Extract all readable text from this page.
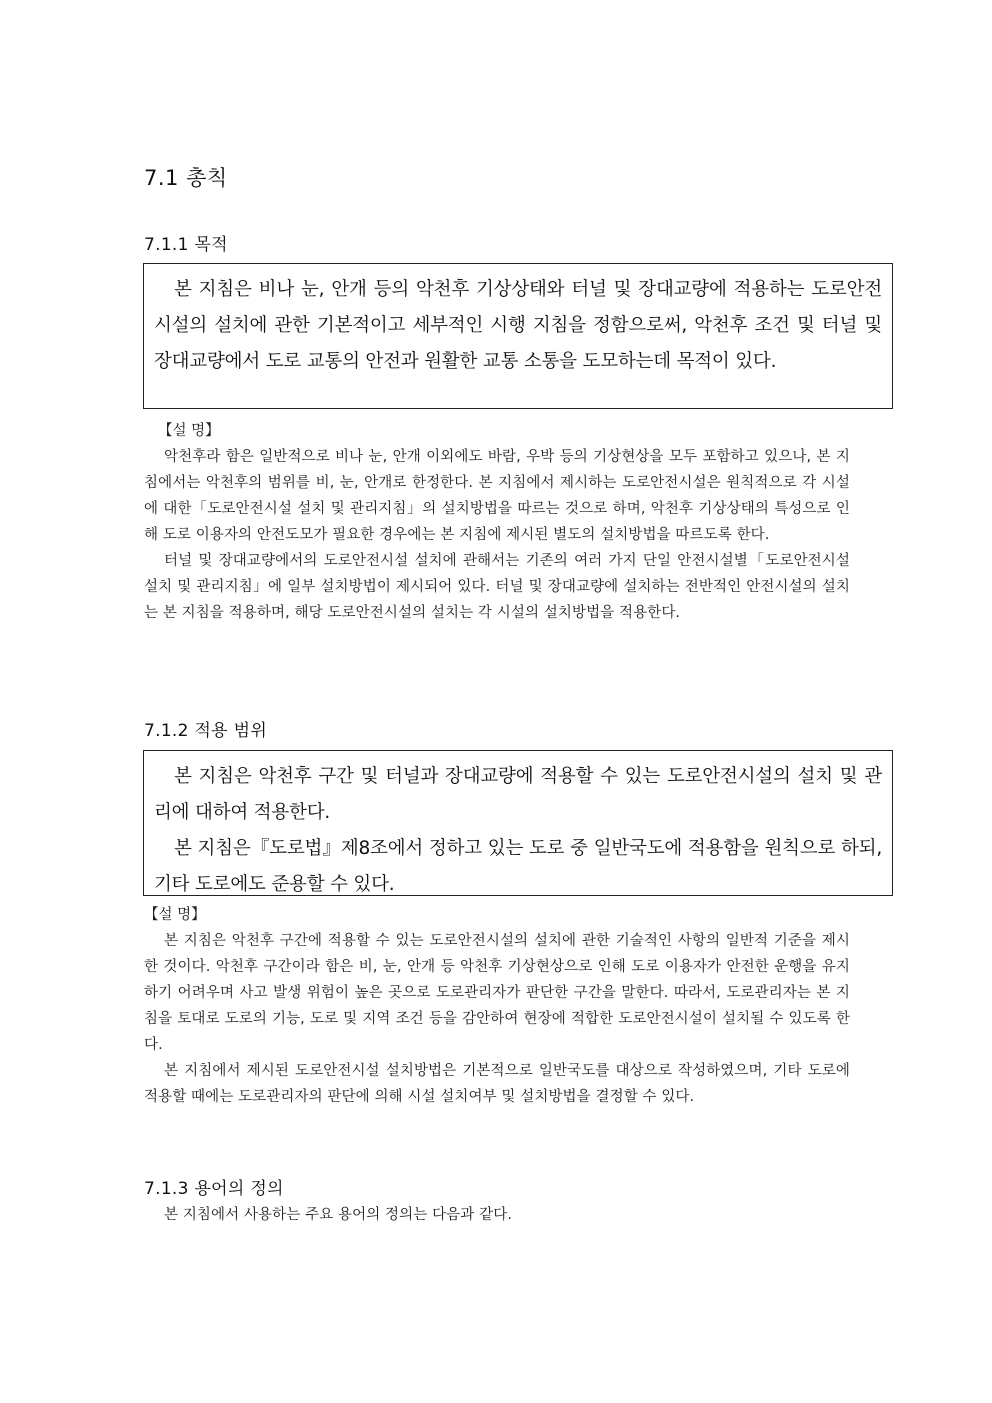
7.1 총칙
7.1.1 목적

본 지침은 비나 눈, 안개 등의 악천후 기상상태와 터널 및 장대교량에 적용하는 도로안전시설의 설치에 관한 기본적이고 세부적인 시행 지침을 정함으로써, 악천후 조건 및 터널 및 장대교량에서 도로 교통의 안전과 원활한 교통 소통을 도모하는데 목적이 있다.

【설 명】

악천후라 함은 일반적으로 비나 눈, 안개 이외에도 바람, 우박 등의 기상현상을 모두 포함하고 있으나, 본 지침에서는 악천후의 범위를 비, 눈, 안개로 한정한다. 본 지침에서 제시하는 도로안전시설은 원칙적으로 각 시설에 대한「도로안전시설 설치 및 관리지침」의 설치방법을 따르는 것으로 하며, 악천후 기상상태의 특성으로 인해 도로 이용자의 안전도모가 필요한 경우에는 본 지침에 제시된 별도의 설치방법을 따르도록 한다.

터널 및 장대교량에서의 도로안전시설 설치에 관해서는 기존의 여러 가지 단일 안전시설별「도로안전시설 설치 및 관리지침」에 일부 설치방법이 제시되어 있다. 터널 및 장대교량에 설치하는 전반적인 안전시설의 설치는 본 지침을 적용하며, 해당 도로안전시설의 설치는 각 시설의 설치방법을 적용한다.

7.1.2 적용 범위

본 지침은 악천후 구간 및 터널과 장대교량에 적용할 수 있는 도로안전시설의 설치 및 관리에 대하여 적용한다.

본 지침은『도로법』제8조에서 정하고 있는 도로 중 일반국도에 적용함을 원칙으로 하되, 기타 도로에도 준용할 수 있다.

【설 명】

본 지침은 악천후 구간에 적용할 수 있는 도로안전시설의 설치에 관한 기술적인 사항의 일반적 기준을 제시한 것이다. 악천후 구간이라 함은 비, 눈, 안개 등 악천후 기상현상으로 인해 도로 이용자가 안전한 운행을 유지하기 어려우며 사고 발생 위험이 높은 곳으로 도로관리자가 판단한 구간을 말한다. 따라서, 도로관리자는 본 지침을 토대로 도로의 기능, 도로 및 지역 조건 등을 감안하여 현장에 적합한 도로안전시설이 설치될 수 있도록 한다.

본 지침에서 제시된 도로안전시설 설치방법은 기본적으로 일반국도를 대상으로 작성하였으며, 기타 도로에 적용할 때에는 도로관리자의 판단에 의해 시설 설치여부 및 설치방법을 결정할 수 있다.

7.1.3 용어의 정의

본 지침에서 사용하는 주요 용어의 정의는 다음과 같다.
